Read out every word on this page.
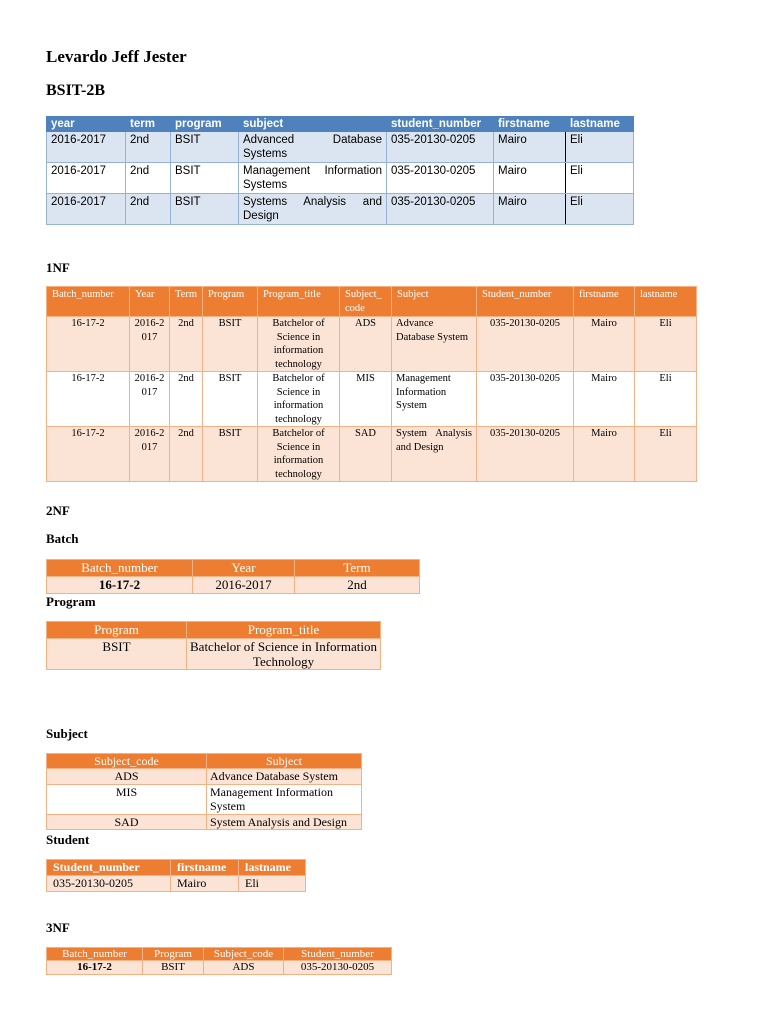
Levardo Jeff Jester
BSIT-2B
year	term	program	subject	student_number	firstname	lastname
2016-2017	2nd	BSIT	Advanced Database Systems	035-20130-0205	Mairo	Eli
2016-2017	2nd	BSIT	Management Information Systems	035-20130-0205	Mairo	Eli
2016-2017	2nd	BSIT	Systems Analysis and Design	035-20130-0205	Mairo	Eli
1NF
Batch_number	Year	Term	Program	Program_title	Subject_code	Subject	Student_number	firstname	lastname
16-17-2	2016-2017	2nd	BSIT	Batchelor of Science in information technology	ADS	Advance Database System	035-20130-0205	Mairo	Eli
16-17-2	2016-2017	2nd	BSIT	Batchelor of Science in information technology	MIS	Management Information System	035-20130-0205	Mairo	Eli
16-17-2	2016-2017	2nd	BSIT	Batchelor of Science in information technology	SAD	System Analysis and Design	035-20130-0205	Mairo	Eli
2NF
Batch
Batch_number	Year	Term
16-17-2	2016-2017	2nd
Program
Program	Program_title
BSIT	Batchelor of Science in Information Technology
Subject
Subject_code	Subject
ADS	Advance Database System
MIS	Management Information System
SAD	System Analysis and Design
Student
Student_number	firstname	lastname
035-20130-0205	Mairo	Eli
3NF
Batch_number	Program	Subject_code	Student_number
16-17-2	BSIT	ADS	035-20130-0205
